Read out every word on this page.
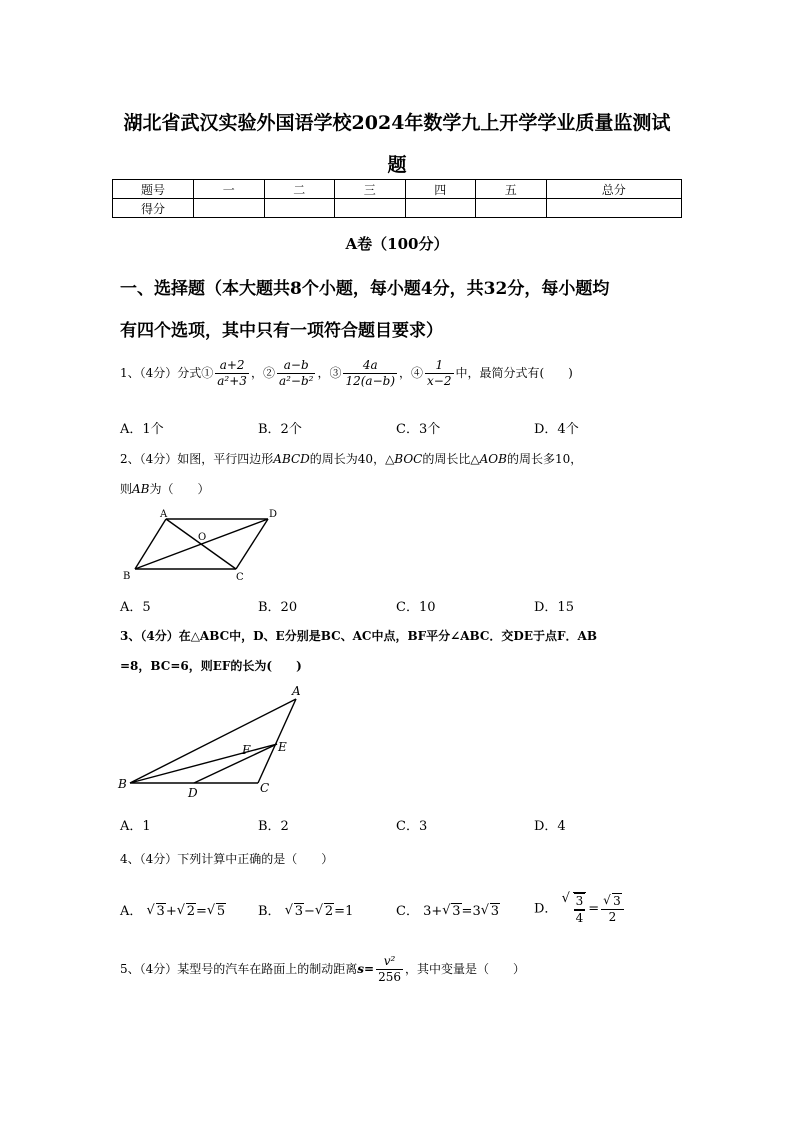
湖北省武汉实验外国语学校2024年数学九上开学学业质量监测试
题
题号	一	二	三	四	五	总分
得分						
A卷（100分）
一、选择题（本大题共8个小题，每小题4分，共32分，每小题均
有四个选项，其中只有一项符合题目要求）
1、（4分）分式① $\frac{a+2}{\text{a²+3}}$ ，② $\frac{a-b}{\text{a²−b²}}$ ，③ $\frac{4a}{12(a-b)}$ ，④ $\frac{1}{x-2}$ 中，最简分式有(　　)
A．1个	B．2个	C．3个	D．4个
2、（4分）如图，平行四边形ABCD的周长为40，△BOC的周长比△AOB的周长多10，
则AB为（　　）
A	D
O
B	C
A．5	B．20	C．10	D．15
3、（4分）在△ABC中，D、E分别是BC、AC中点，BF平分∠ABC．交DE于点F．AB
=8，BC=6，则EF的长为(　　)
A
F E
B
D	C
A．1	B．2	C．3	D．4
4、（4分）下列计算中正确的是（　　）
A． √ 3+ √ 2= √ 5	B． √ 3− √ 2=1	C． 3+ √ 3=3 √ 3	D． √ $\frac{3}{4}$ = √ $\frac{3}{2}$
5、（4分）某型号的汽车在路面上的制动距离$s= \frac{\text{v²}}{256}$ ，其中变量是（　　）
